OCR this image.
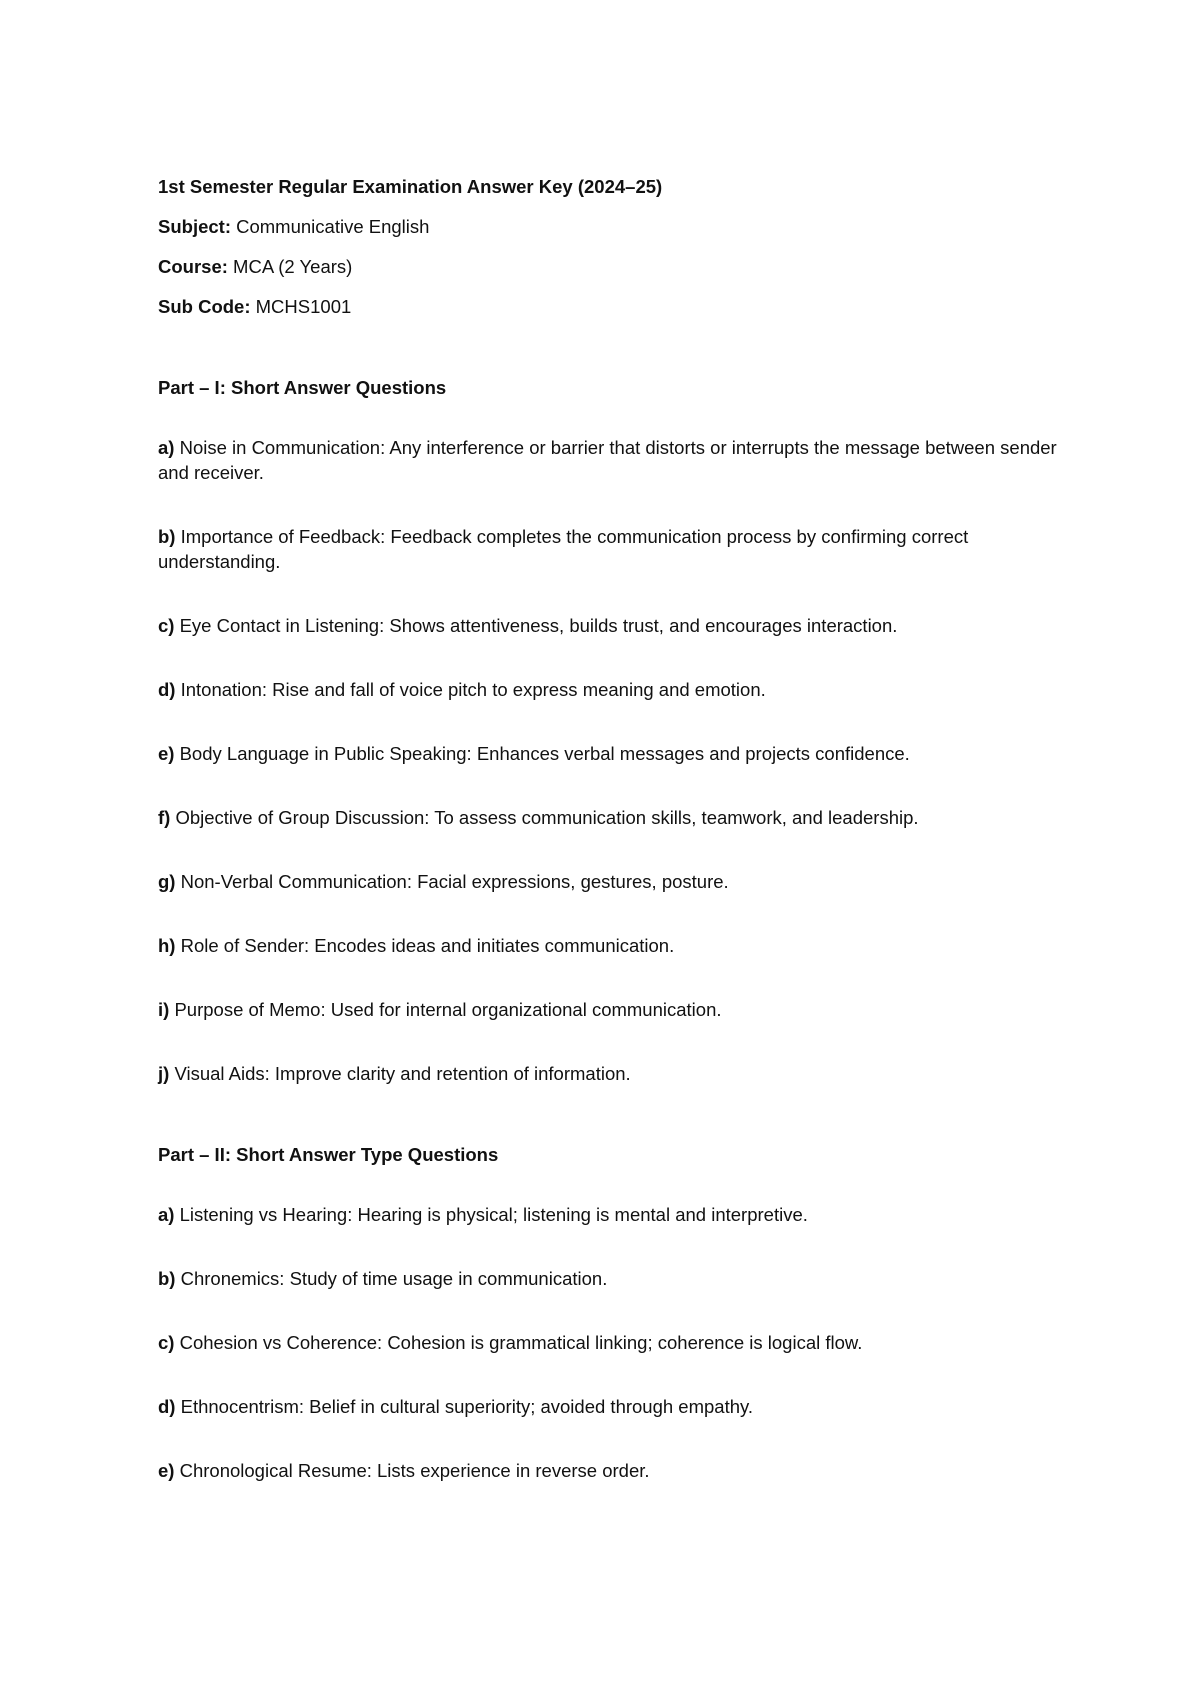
1st Semester Regular Examination Answer Key (2024–25)

Subject: Communicative English

Course: MCA (2 Years)

Sub Code: MCHS1001

Part – I: Short Answer Questions

a) Noise in Communication: Any interference or barrier that distorts or interrupts the message between sender and receiver.

b) Importance of Feedback: Feedback completes the communication process by confirming correct understanding.

c) Eye Contact in Listening: Shows attentiveness, builds trust, and encourages interaction.

d) Intonation: Rise and fall of voice pitch to express meaning and emotion.

e) Body Language in Public Speaking: Enhances verbal messages and projects confidence.

f) Objective of Group Discussion: To assess communication skills, teamwork, and leadership.

g) Non-Verbal Communication: Facial expressions, gestures, posture.

h) Role of Sender: Encodes ideas and initiates communication.

i) Purpose of Memo: Used for internal organizational communication.

j) Visual Aids: Improve clarity and retention of information.

Part – II: Short Answer Type Questions

a) Listening vs Hearing: Hearing is physical; listening is mental and interpretive.

b) Chronemics: Study of time usage in communication.

c) Cohesion vs Coherence: Cohesion is grammatical linking; coherence is logical flow.

d) Ethnocentrism: Belief in cultural superiority; avoided through empathy.

e) Chronological Resume: Lists experience in reverse order.
